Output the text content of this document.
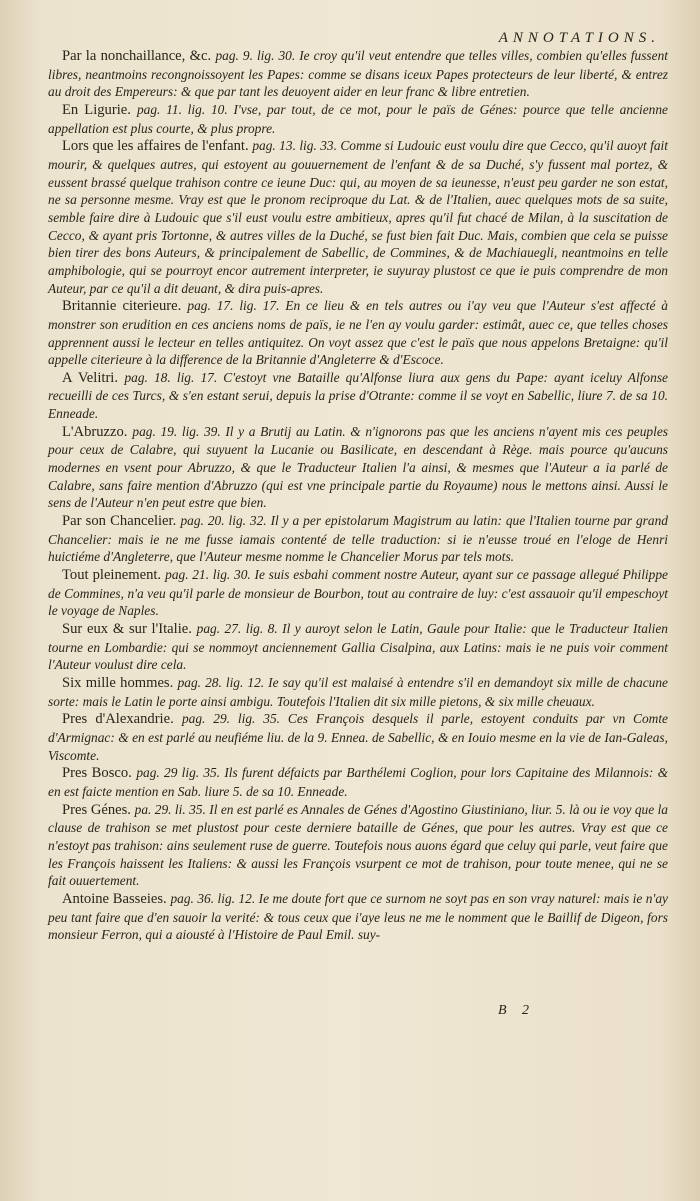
ANNOTATIONS.

Par la nonchaillance, &c. pag. 9. lig. 30. Ie croy qu'il veut entendre que telles villes, combien qu'elles fussent libres, neantmoins recongnoissoyent les Papes: comme se disans iceux Papes protecteurs de leur liberté, & entrez au droit des Empereurs: & que par tant les deuoyent aider en leur franc & libre entretien.

En Ligurie. pag. 11. lig. 10. I'vse, par tout, de ce mot, pour le païs de Génes: pource que telle ancienne appellation est plus courte, & plus propre.

Lors que les affaires de l'enfant. pag. 13. lig. 33. Comme si Ludouic eust voulu dire que Cecco, qu'il auoyt fait mourir, & quelques autres, qui estoyent au gouuernement de l'enfant & de sa Duché, s'y fussent mal portez, & eussent brassé quelque trahison contre ce ieune Duc: qui, au moyen de sa ieunesse, n'eust peu garder ne son estat, ne sa personne mesme. Vray est que le pronom reciproque du Lat. & de l'Italien, auec quelques mots de sa suite, semble faire dire à Ludouic que s'il eust voulu estre ambitieux, apres qu'il fut chacé de Milan, à la suscitation de Cecco, & ayant pris Tortonne, & autres villes de la Duché, se fust bien fait Duc. Mais, combien que cela se puisse bien tirer des bons Auteurs, & principalement de Sabellic, de Commines, & de Machiauegli, neantmoins en telle amphibologie, qui se pourroyt encor autrement interpreter, ie suyuray plustost ce que ie puis comprendre de mon Auteur, par ce qu'il a dit deuant, & dira puis-apres.

Britannie citerieure. pag. 17. lig. 17. En ce lieu & en tels autres ou i'ay veu que l'Auteur s'est affecté à monstrer son erudition en ces anciens noms de païs, ie ne l'en ay voulu garder: estimât, auec ce, que telles choses apprennent aussi le lecteur en telles antiquitez. On voyt assez que c'est le païs que nous appelons Bretaigne: qu'il appelle citerieure à la difference de la Britannie d'Angleterre & d'Escoce.

A Velitri. pag. 18. lig. 17. C'estoyt vne Bataille qu'Alfonse liura aux gens du Pape: ayant iceluy Alfonse recueilli de ces Turcs, & s'en estant serui, depuis la prise d'Otrante: comme il se voyt en Sabellic, liure 7. de sa 10. Enneade.

L'Abruzzo. pag. 19. lig. 39. Il y a Brutij au Latin. & n'ignorons pas que les anciens n'ayent mis ces peuples pour ceux de Calabre, qui suyuent la Lucanie ou Basilicate, en descendant à Rège. mais pource qu'aucuns modernes en vsent pour Abruzzo, & que le Traducteur Italien l'a ainsi, & mesmes que l'Auteur a ia parlé de Calabre, sans faire mention d'Abruzzo (qui est vne principale partie du Royaume) nous le mettons ainsi. Aussi le sens de l'Auteur n'en peut estre que bien.

Par son Chancelier. pag. 20. lig. 32. Il y a per epistolarum Magistrum au latin: que l'Italien tourne par grand Chancelier: mais ie ne me fusse iamais contenté de telle traduction: si ie n'eusse troué en l'eloge de Henri huictiéme d'Angleterre, que l'Auteur mesme nomme le Chancelier Morus par tels mots.

Tout pleinement. pag. 21. lig. 30. Ie suis esbahi comment nostre Auteur, ayant sur ce passage allegué Philippe de Commines, n'a veu qu'il parle de monsieur de Bourbon, tout au contraire de luy: c'est assauoir qu'il empeschoyt le voyage de Naples.

Sur eux & sur l'Italie. pag. 27. lig. 8. Il y auroyt selon le Latin, Gaule pour Italie: que le Traducteur Italien tourne en Lombardie: qui se nommoyt anciennement Gallia Cisalpina, aux Latins: mais ie ne puis voir comment l'Auteur voulust dire cela.

Six mille hommes. pag. 28. lig. 12. Ie say qu'il est malaisé à entendre s'il en demandoyt six mille de chacune sorte: mais le Latin le porte ainsi ambigu. Toutefois l'Italien dit six mille pietons, & six mille cheuaux.

Pres d'Alexandrie. pag. 29. lig. 35. Ces François desquels il parle, estoyent conduits par vn Comte d'Armignac: & en est parlé au neufiéme liu. de la 9. Ennea. de Sabellic, & en Iouio mesme en la vie de Ian-Galeas, Viscomte.

Pres Bosco. pag. 29 lig. 35. Ils furent défaicts par Barthélemi Coglion, pour lors Capitaine des Milannois: & en est faicte mention en Sab. liure 5. de sa 10. Enneade.

Pres Génes. pa. 29. li. 35. Il en est parlé es Annales de Génes d'Agostino Giustiniano, liur. 5. là ou ie voy que la clause de trahison se met plustost pour ceste derniere bataille de Génes, que pour les autres. Vray est que ce n'estoyt pas trahison: ains seulement ruse de guerre. Toutefois nous auons égard que celuy qui parle, veut faire que les François haissent les Italiens: & aussi les François vsurpent ce mot de trahison, pour toute menee, qui ne se fait ouuertement.

Antoine Basseies. pag. 36. lig. 12. Ie me doute fort que ce surnom ne soyt pas en son vray naturel: mais ie n'ay peu tant faire que d'en sauoir la verité: & tous ceux que i'aye leus ne me le nomment que le Baillif de Digeon, fors monsieur Ferron, qui a aiousté à l'Histoire de Paul Emil. suy-

B 2
